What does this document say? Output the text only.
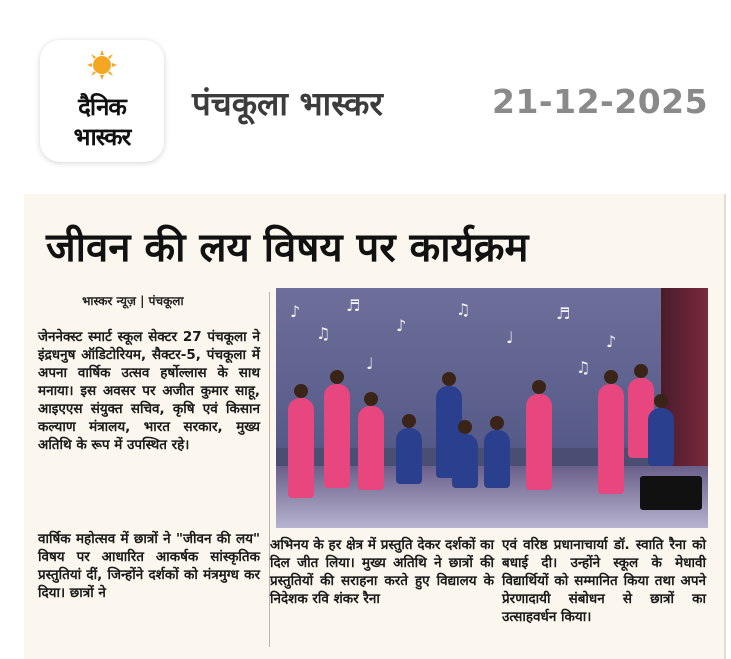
दैनिक
भास्कर
पंचकूला भास्कर	21-12-2025
जीवन की लय विषय पर कार्यक्रम
भास्कर न्यूज़ | पंचकूला
जेननेक्स्ट स्मार्ट स्कूल सेक्टर 27 पंचकूला ने इंद्रधनुष ऑडिटोरियम, सैक्टर-5, पंचकूला में अपना वार्षिक उत्सव हर्षोल्लास के साथ मनाया। इस अवसर पर अजीत कुमार साहू, आइएएस संयुक्त सचिव, कृषि एवं किसान कल्याण मंत्रालय, भारत सरकार, मुख्य अतिथि के रूप में उपस्थित रहे।
वार्षिक महोत्सव में छात्रों ने "जीवन की लय" विषय पर आधारित आकर्षक सांस्कृतिक प्रस्तुतियां दीं, जिन्होंने दर्शकों को मंत्रमुग्ध कर दिया। छात्रों ने
♪
♫
♬
♪
♫
♩
♬
♪
♫
♩
अभिनय के हर क्षेत्र में प्रस्तुति देकर दर्शकों का दिल जीत लिया। मुख्य अतिथि ने छात्रों की प्रस्तुतियों की सराहना करते हुए विद्यालय के निदेशक रवि शंकर रैना
एवं वरिष्ठ प्रधानाचार्या डॉ. स्वाति रैना को बधाई दी। उन्होंने स्कूल के मेधावी विद्यार्थियों को सम्मानित किया तथा अपने प्रेरणादायी संबोधन से छात्रों का उत्साहवर्धन किया।
